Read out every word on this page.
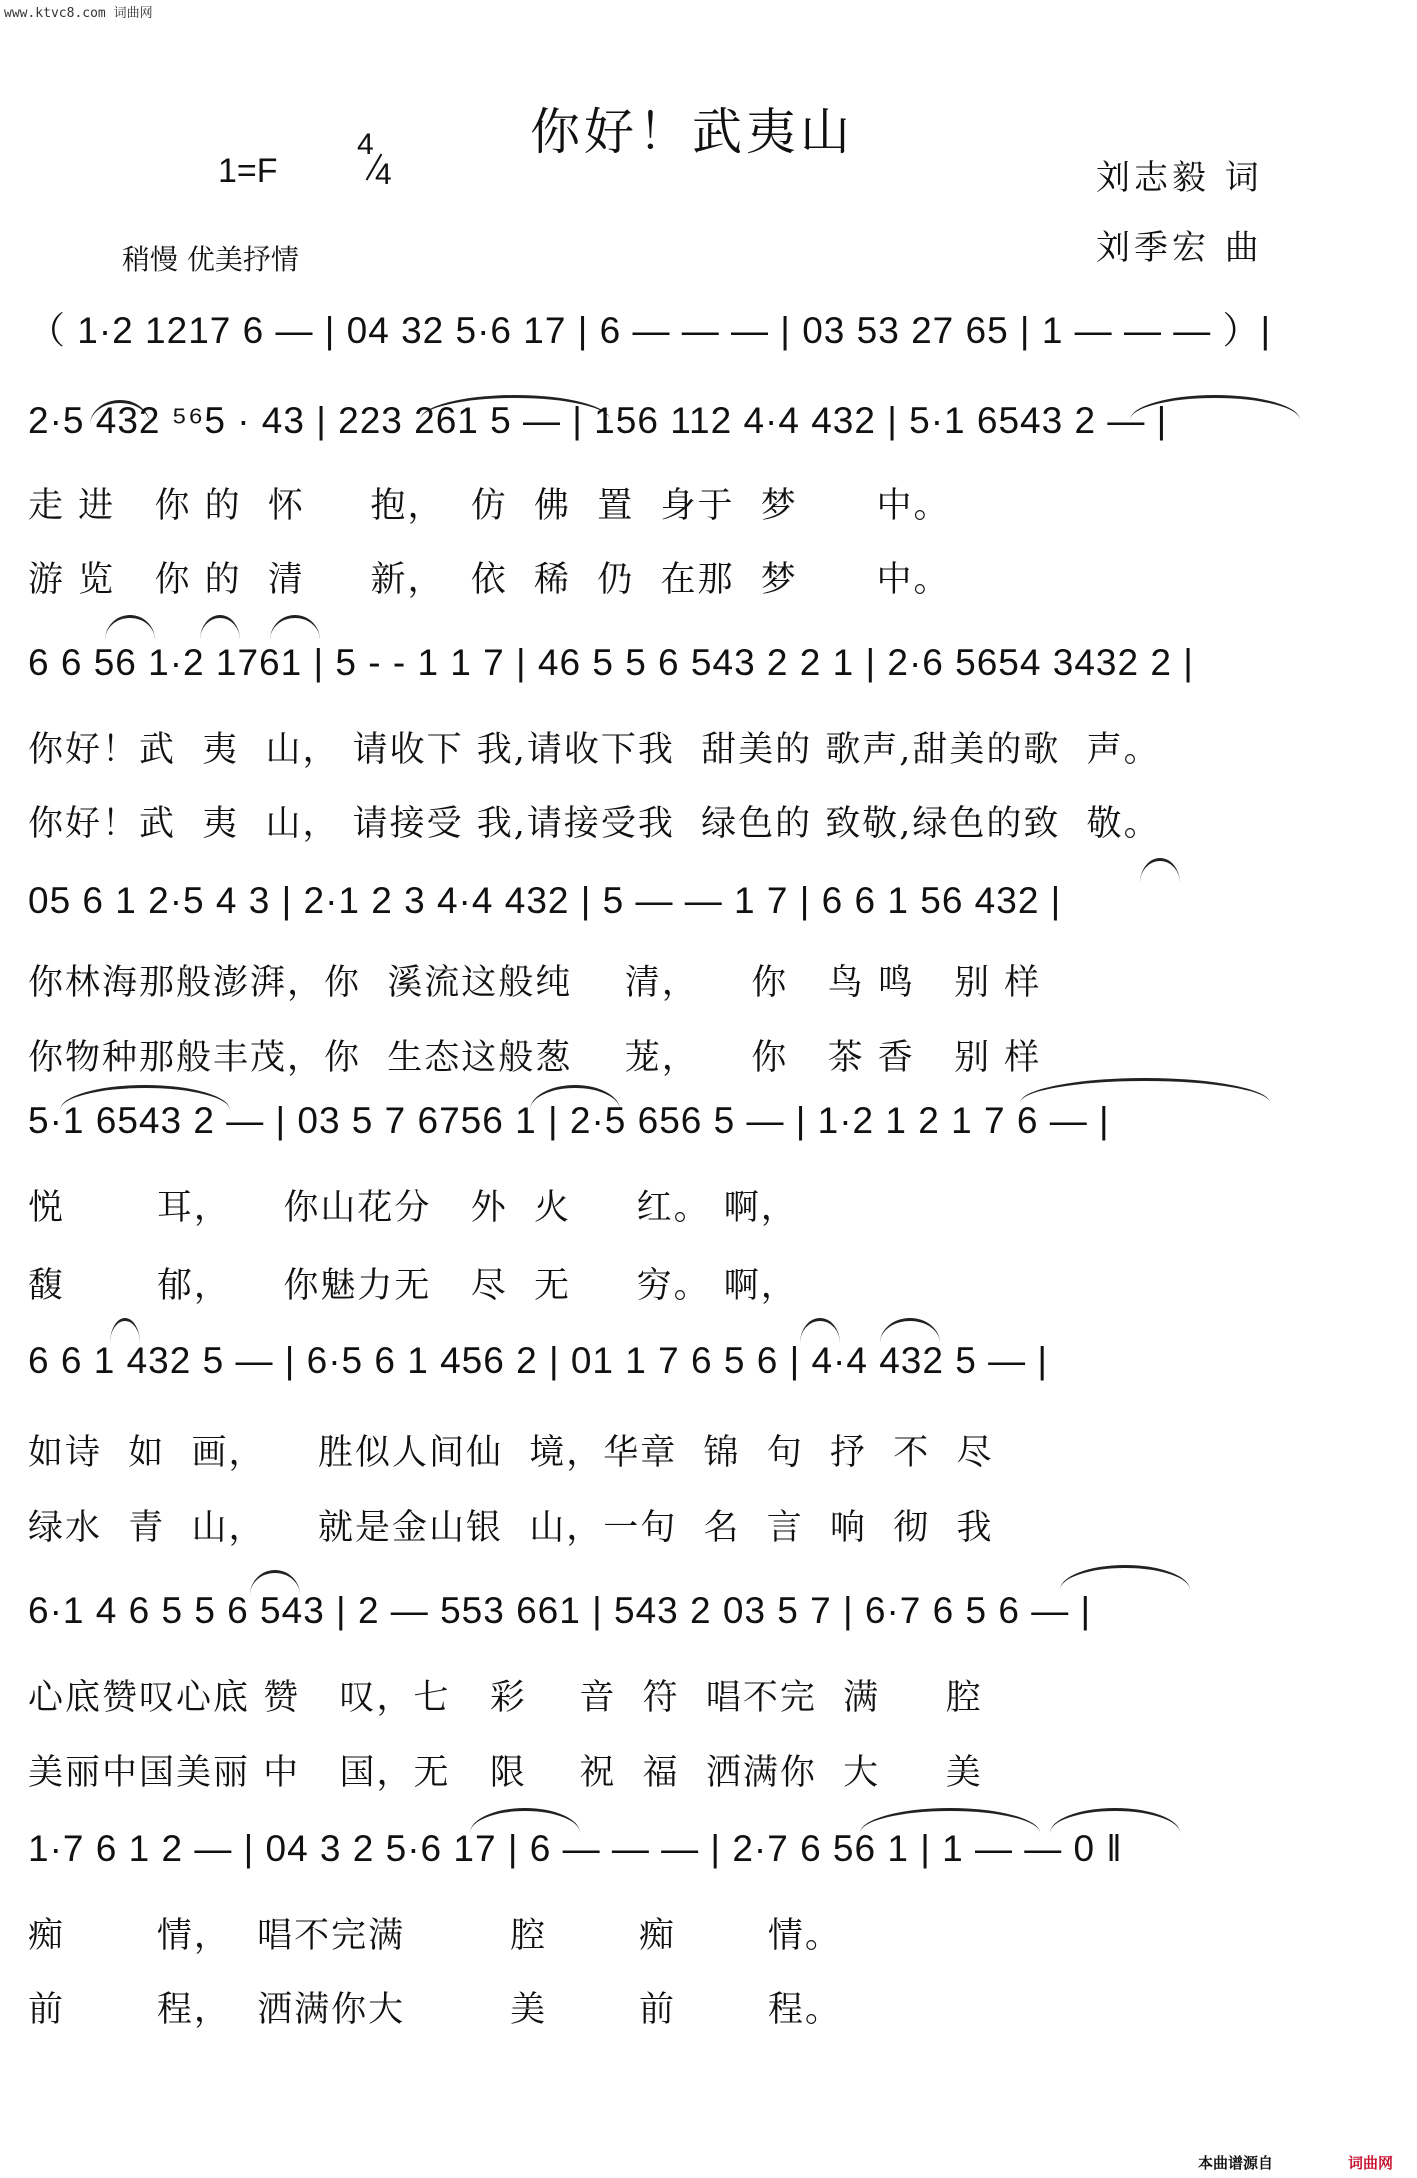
www.ktvc8.com 词曲网
你好！武夷山
1=F
4
4	刘志毅 词
刘季宏 曲
稍慢 优美抒情
（ 1·2 1217 6 — | 04 32 5·6 17 | 6 — — — | 03 53 27 65 | 1 — — — ）|
2·5 432 ⁵⁶5 · 43 | 223 261 5 — | 156 112 4·4 432 | 5·1 6543 2 — |
走 进   你 的  怀     抱，  仿  佛  置  身于  梦      中。
游 览   你 的  清     新，  依  稀  仍  在那  梦      中。
6 6 56 1·2 1761 | 5 - - 1 1 7 | 46 5 5 6 543 2 2 1 | 2·6 5654 3432 2 |
你好！武  夷  山， 请收下 我,请收下我  甜美的 歌声,甜美的歌  声。
你好！武  夷  山， 请接受 我,请接受我  绿色的 致敬,绿色的致  敬。
05 6 1 2·5 4 3 | 2·1 2 3 4·4 432 | 5 — — 1 7 | 6 6 1 56 432 |
你林海那般澎湃，你  溪流这般纯    清，    你   鸟 鸣   别 样
你物种那般丰茂，你  生态这般葱    茏，    你   茶 香   别 样
5·1 6543 2 — | 03 5 7 6756 1 | 2·5 656 5 — | 1·2 1 2 1 7 6 — |
悦       耳，    你山花分   外  火     红。 啊，
馥       郁，    你魅力无   尽  无     穷。 啊，
6 6 1 432 5 — | 6·5 6 1 456 2 | 01 1 7 6 5 6 | 4·4 432 5 — |
如诗  如  画，    胜似人间仙  境，华章  锦  句  抒  不  尽
绿水  青  山，    就是金山银  山，一句  名  言  响  彻  我
6·1 4 6 5 5 6 543 | 2 — 553 661 | 543 2 03 5 7 | 6·7 6 5 6 — |
心底赞叹心底 赞   叹，七   彩    音  符  唱不完  满     腔
美丽中国美丽 中   国，无   限    祝  福  洒满你  大     美
1·7 6 1 2 — | 04 3 2 5·6 17 | 6 — — — | 2·7 6 56 1 | 1 — — 0 ‖
痴       情，  唱不完满        腔       痴       情。
前       程，  洒满你大        美       前       程。
本曲谱源自	词曲网
